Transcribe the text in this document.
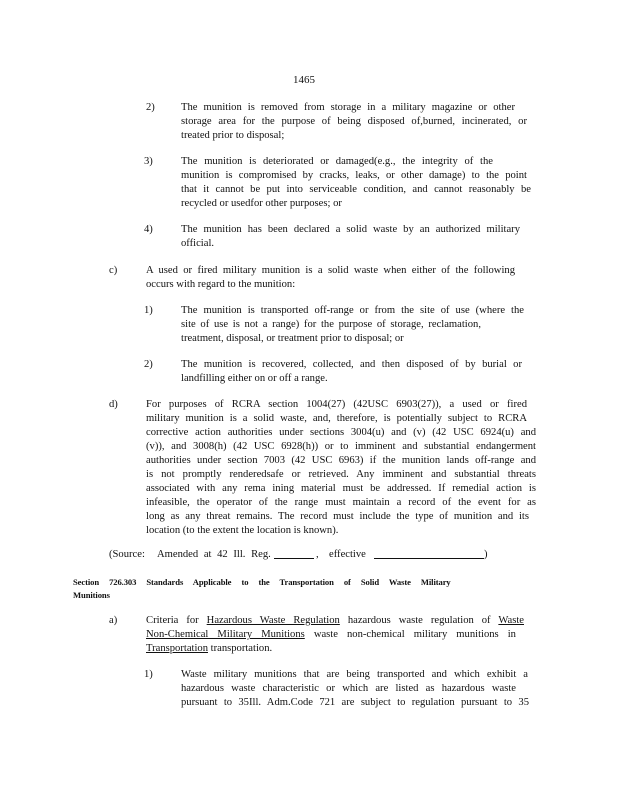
1465
2) The munition is removed from storage in a military magazine or other
storage area for the purpose of being disposed of,burned, incinerated, or
treated prior to disposal;
3)	The munition is deteriorated or damaged(e.g., the integrity of the
munition is compromised by cracks, leaks, or other damage) to the point
that it cannot be put into serviceable condition, and cannot reasonably be
recycled or usedfor other purposes; or
4)	The munition has been declared a solid waste by an authorized military
official.
c)	A used or fired military munition is a solid waste when either of the following
occurs with regard to the munition:
1)	The munition is transported off-range or from the site of use (where the
site of use is not a range) for the purpose of storage, reclamation,
treatment, disposal, or treatment prior to disposal; or
2)	The munition is recovered, collected, and then disposed of by burial or
landfilling either on or off a range.
d)	For purposes of RCRA section 1004(27) (42USC 6903(27)), a used or fired
military munition is a solid waste, and, therefore, is potentially subject to RCRA
corrective action authorities under sections 3004(u) and (v) (42 USC 6924(u) and
(v)), and 3008(h) (42 USC 6928(h)) or to imminent and substantial endangerment
authorities under section 7003 (42 USC 6963) if the munition lands off-range and
is not promptly renderedsafe or retrieved. Any imminent and substantial threats
associated with any rema ining material must be addressed. If remedial action is
infeasible, the operator of the range must maintain a record of the event for as
long as any threat remains. The record must include the type of munition and its
location (to the extent the location is known).
(Source: Amended at 42 Ill. Reg.	, effective	)
Section 726.303 Standards Applicable to the Transportation of Solid Waste Military
Munitions
a)	Criteria for Hazardous Waste Regulation hazardous waste regulation of Waste
Non-Chemical Military Munitions waste non-chemical military munitions in
Transportation transportation.
1)	Waste military munitions that are being transported and which exhibit a
hazardous waste characteristic or which are listed as hazardous waste
pursuant to 35Ill. Adm.Code 721 are subject to regulation pursuant to 35
